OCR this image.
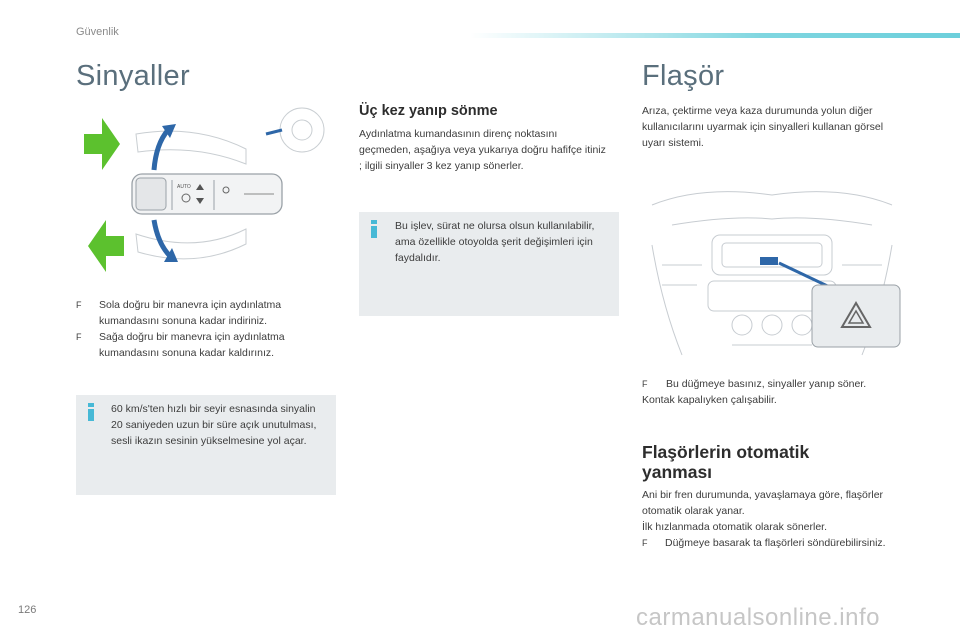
Güvenlik
Sinyaller
AUTO
F Sola doğru bir manevra için aydınlatma kumandasını sonuna kadar indiriniz.
F Sağa doğru bir manevra için aydınlatma kumandasını sonuna kadar kaldırınız.
60 km/s'ten hızlı bir seyir esnasında sinyalin 20 saniyeden uzun bir süre açık unutulması, sesli ikazın sesinin yükselmesine yol açar.
Üç kez yanıp sönme
Aydınlatma kumandasının direnç noktasını geçmeden, aşağıya veya yukarıya doğru hafifçe itiniz ; ilgili sinyaller 3 kez yanıp sönerler.
Bu işlev, sürat ne olursa olsun kullanılabilir, ama özellikle otoyolda şerit değişimleri için faydalıdır.
Flaşör
Arıza, çektirme veya kaza durumunda yolun diğer kullanıcılarını uyarmak için sinyalleri kullanan görsel uyarı sistemi.
F Bu düğmeye basınız, sinyaller yanıp söner.
Kontak kapalıyken çalışabilir.
Flaşörlerin otomatik yanması
Ani bir fren durumunda, yavaşlamaya göre, flaşörler otomatik olarak yanar.
İlk hızlanmada otomatik olarak sönerler.
F Düğmeye basarak ta flaşörleri söndürebilirsiniz.
126	carmanualsonline.info
